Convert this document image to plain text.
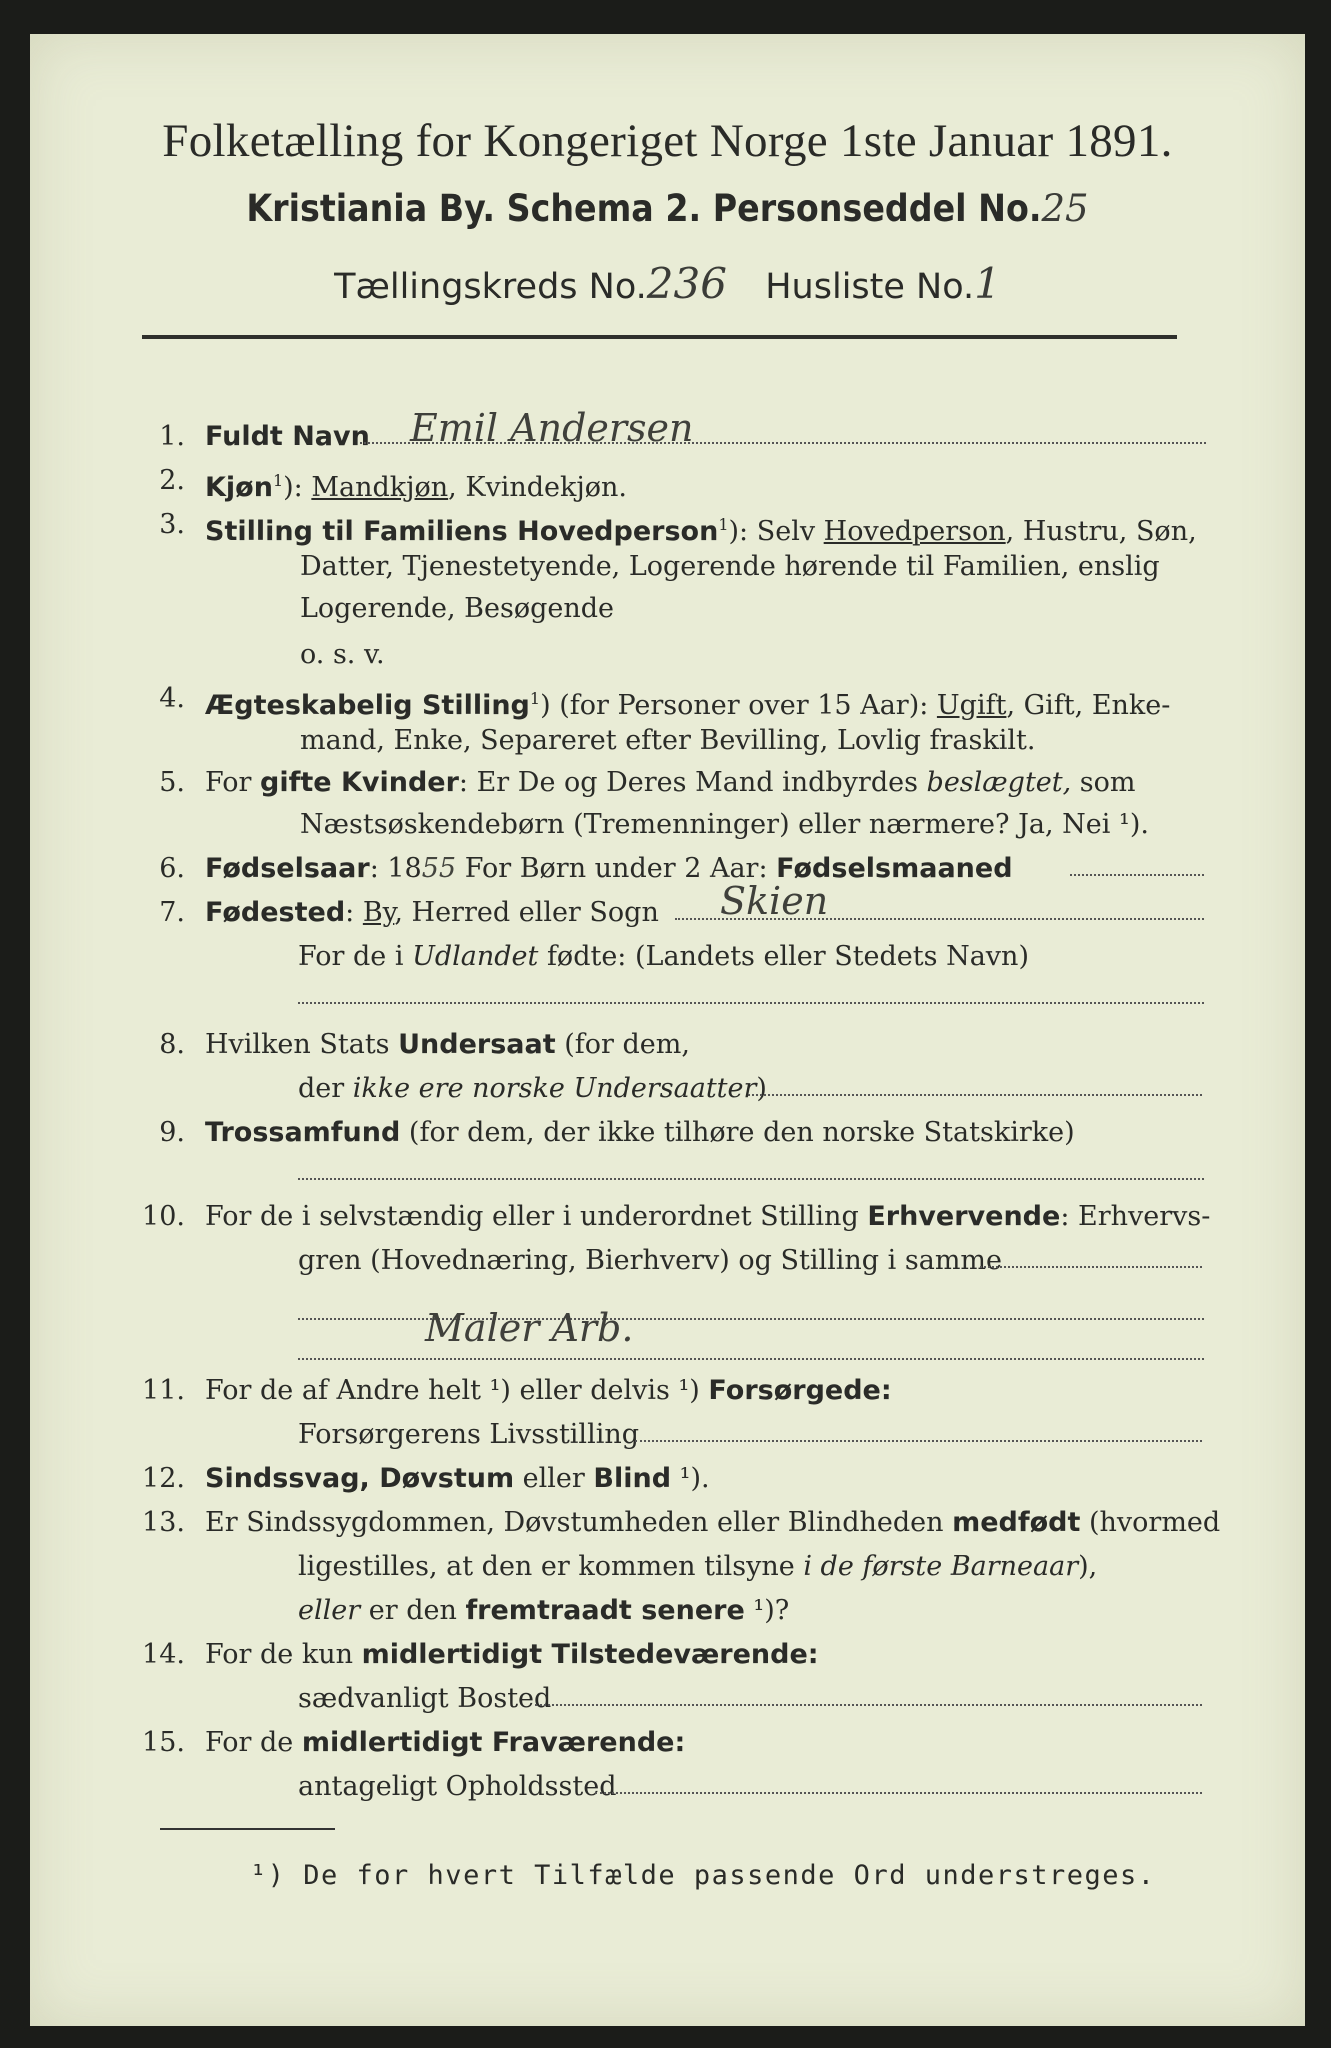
Folketælling for Kongeriget Norge 1ste Januar 1891.
Kristiania By. Schema 2. Personseddel No.25
Tællingskreds No.236 Husliste No.1
1. Fuldt Navn Emil Andersen
2. Kjøn$^1$): Mandkjøn, Kvindekjøn.
3. Stilling til Familiens Hovedperson$^1$): Selv Hovedperson, Hustru, Søn,
Datter, Tjenestetyende, Logerende hørende til Familien, enslig
Logerende, Besøgende
o. s. v.
4. Ægteskabelig Stilling$^1$) (for Personer over 15 Aar): Ugift, Gift, Enke-
mand, Enke, Separeret efter Bevilling, Lovlig fraskilt.
5. For gifte Kvinder: Er De og Deres Mand indbyrdes beslægtet, som
Næstsøskendebørn (Tremenninger) eller nærmere? Ja, Nei ¹).
6. Fødselsaar: 1855 For Børn under 2 Aar: Fødselsmaaned
7. Fødested: By, Herred eller Sogn Skien
For de i Udlandet fødte: (Landets eller Stedets Navn)
8. Hvilken Stats Undersaat (for dem,
der ikke ere norske Undersaatter)
9. Trossamfund (for dem, der ikke tilhøre den norske Statskirke)
10. For de i selvstændig eller i underordnet Stilling Erhvervende: Erhvervs-
gren (Hovednæring, Bierhverv) og Stilling i samme
Maler Arb.
11. For de af Andre helt ¹) eller delvis ¹) Forsørgede:
Forsørgerens Livsstilling
12. Sindssvag, Døvstum eller Blind ¹).
13. Er Sindssygdommen, Døvstumheden eller Blindheden medfødt (hvormed
ligestilles, at den er kommen tilsyne i de første Barneaar),
eller er den fremtraadt senere ¹)?
14. For de kun midlertidigt Tilstedeværende:
sædvanligt Bosted
15. For de midlertidigt Fraværende:
antageligt Opholdssted
¹) De for hvert Tilfælde passende Ord understreges.
